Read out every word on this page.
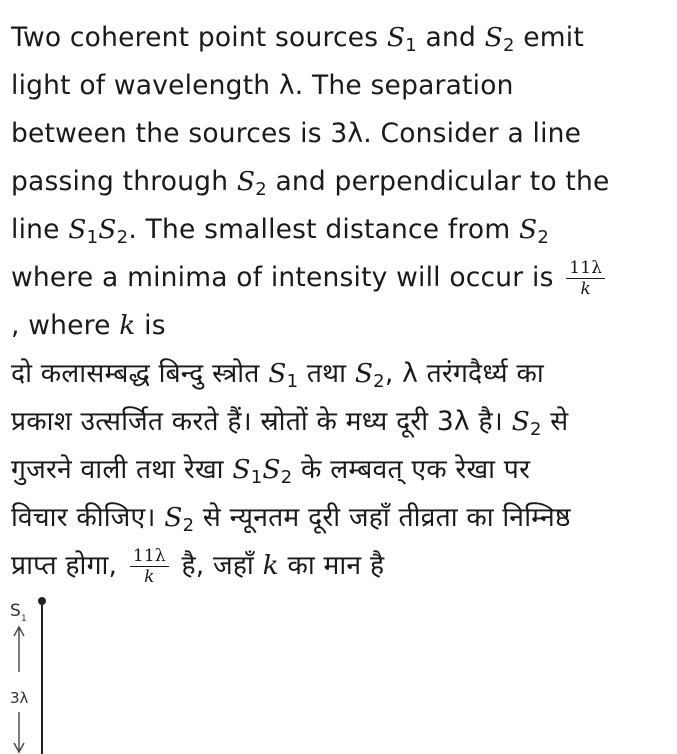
Two coherent point sources $S_1$ and $S_2$ emit
light of wavelength λ. The separation
between the sources is 3λ. Consider a line
passing through $S_2$ and perpendicular to the
line $S_1S_2$. The smallest distance from $S_2$
where a minima of intensity will occur is $\frac{11\lambda}{k}$
, where k is
दो कलासम्बद्ध बिन्दु स्त्रोत $S_1$ तथा $S_2$, λ तरंगदैर्ध्य का
प्रकाश उत्सर्जित करते हैं। स्रोतों के मध्य दूरी 3λ है। $S_2$ से
गुजरने वाली तथा रेखा $S_1S_2$ के लम्बवत् एक रेखा पर
विचार कीजिए। $S_2$ से न्यूनतम दूरी जहाँ तीव्रता का निम्निष्ठ
प्राप्त होगा, $\frac{11\lambda}{k}$ है, जहाँ k का मान है
S 1
3λ
